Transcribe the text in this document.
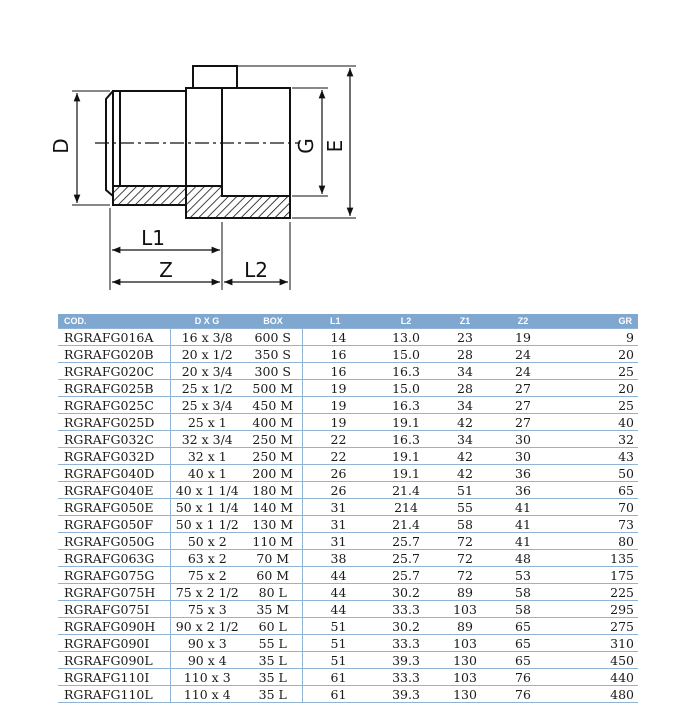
D	G E
L1
Z	L2
COD.	D X G	BOX	L1	L2	Z1	Z2	GR
RGRAFG016A	16 x 3/8	600 S	14	13.0	23	19	9
RGRAFG020B	20 x 1/2	350 S	16	15.0	28	24	20
RGRAFG020C	20 x 3/4	300 S	16	16.3	34	24	25
RGRAFG025B	25 x 1/2	500 M	19	15.0	28	27	20
RGRAFG025C	25 x 3/4	450 M	19	16.3	34	27	25
RGRAFG025D	25 x 1	400 M	19	19.1	42	27	40
RGRAFG032C	32 x 3/4	250 M	22	16.3	34	30	32
RGRAFG032D	32 x 1	250 M	22	19.1	42	30	43
RGRAFG040D	40 x 1	200 M	26	19.1	42	36	50
RGRAFG040E	40 x 1 1/4	180 M	26	21.4	51	36	65
RGRAFG050E	50 x 1 1/4	140 M	31	214	55	41	70
RGRAFG050F	50 x 1 1/2	130 M	31	21.4	58	41	73
RGRAFG050G	50 x 2	110 M	31	25.7	72	41	80
RGRAFG063G	63 x 2	70 M	38	25.7	72	48	135
RGRAFG075G	75 x 2	60 M	44	25.7	72	53	175
RGRAFG075H	75 x 2 1/2	80 L	44	30.2	89	58	225
RGRAFG075I	75 x 3	35 M	44	33.3	103	58	295
RGRAFG090H	90 x 2 1/2	60 L	51	30.2	89	65	275
RGRAFG090I	90 x 3	55 L	51	33.3	103	65	310
RGRAFG090L	90 x 4	35 L	51	39.3	130	65	450
RGRAFG110I	110 x 3	35 L	61	33.3	103	76	440
RGRAFG110L	110 x 4	35 L	61	39.3	130	76	480
